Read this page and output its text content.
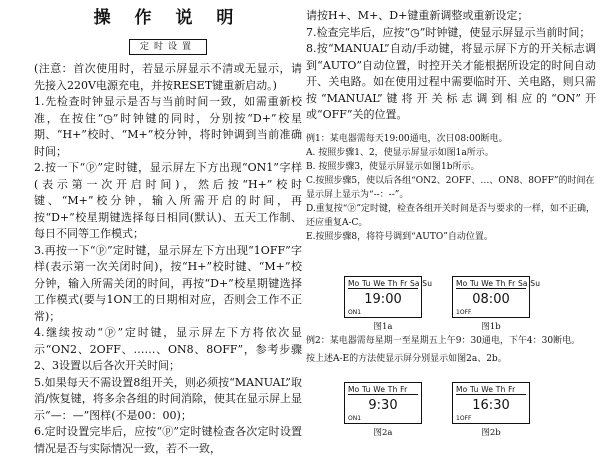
操 作 说 明
定时设置

(注意：首次使用时，若显示屏显示不清或无显示，请先接入220V电源充电，并按RESET键重新启动。)

1.先检查时钟显示是否与当前时间一致，如需重新校准，在按住“◷”时钟键的同时，分别按“D+”校星期、“H+”校时、“M+”校分钟，将时钟调到当前准确时间；

2.按一下“ⓟ”定时键，显示屏左下方出现“ON1”字样(表示第一次开启时间)，然后按“H+”校时键、“M+”校分钟，输入所需开启的时间，再按“D+”校星期键选择每日相同(默认)、五天工作制、每日不同等工作模式；

3.再按一下“ⓟ”定时键，显示屏左下方出现“1OFF”字样(表示第一次关闭时间)，按“H+”校时键、“M+”校分钟，输入所需关闭的时间，再按“D+”校星期键选择工作模式(要与1ON工的日期相对应，否则会工作不正常)；

4.继续按动“ⓟ”定时键，显示屏左下方将依次显示“ON2、2OFF、……、ON8、8OFF”，参考步骤2、3设置以后各次开关时间；

5.如果每天不需设置8组开关，则必须按“MANUAL”取消/恢复键，将多余各组的时间消除，使其在显示屏上显示“—：—”图样(不是00：00)；

6.定时设置完毕后，应按“ⓟ”定时键检查各次定时设置情况是否与实际情况一致，若不一致，

请按H+、M+、D+键重新调整或重新设定；

7.检查完毕后，应按“◷”时钟键，使显示屏显示当前时间；

8.按“MANUAL”自动/手动键，将显示屏下方的开关标志调到“AUTO”自动位置，时控开关才能根据所设定的时间自动开、关电路。如在使用过程中需要临时开、关电路，则只需按“MANUAL”键将开关标志调到相应的“ON”开或“OFF”关的位置。

例1：某电器需每天19:00通电，次日08:00断电。

A. 按照步骤1、2，使显示屏显示如图1a所示。

B. 按照步骤3，使显示屏显示如图1b所示。

C.按照步骤5，使以后各组“ON2、2OFF、…、ON8、8OFF”的时间在显示屏上显示为“--：--”。

D.重复按“ⓟ”定时键，检查各组开关时间是否与要求的一样，如不正确，还应重复A-C。

E.按照步骤8，将符号调到“AUTO”自动位置。

Mo Tu We Th Fr Sa Su
19:00
ON1
图1a
Mo Tu We Th Fr Sa Su
08:00
1OFF
图1b

例2：某电器需每星期一至星期五上午9：30通电，下午4：30断电。

按上述A-E的方法使显示屏分别显示如图2a、2b。

Mo Tu We Th Fr
9:30
ON1
图2a
Mo Tu We Th Fr
16:30
1OFF
图2b
